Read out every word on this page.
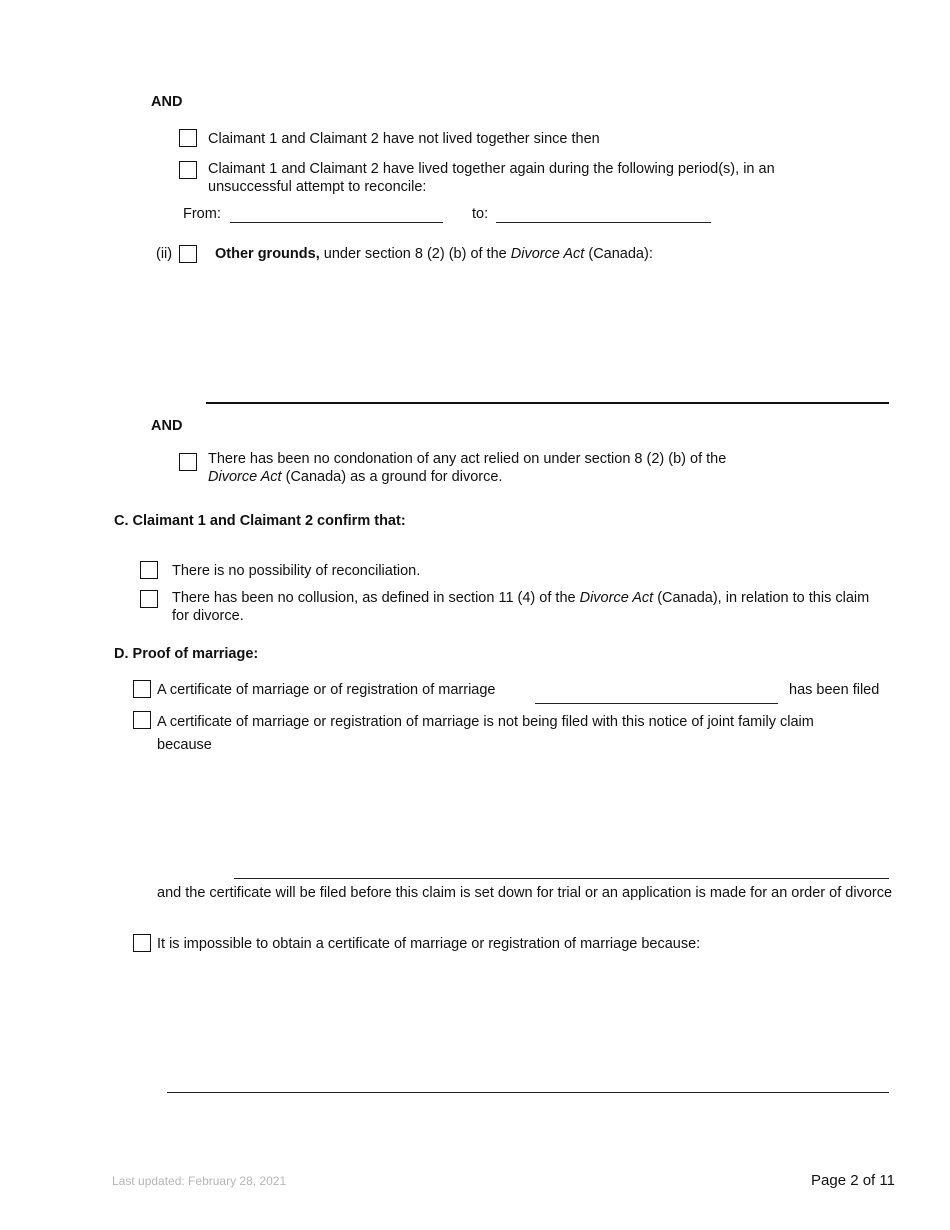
AND
Claimant 1 and Claimant 2 have not lived together since then
Claimant 1 and Claimant 2 have lived together again during the following period(s), in an unsuccessful attempt to reconcile:
From:	to:
(ii)	Other grounds, under section 8 (2) (b) of the Divorce Act (Canada):
AND
There has been no condonation of any act relied on under section 8 (2) (b) of the
Divorce Act (Canada) as a ground for divorce.
C. Claimant 1 and Claimant 2 confirm that:
There is no possibility of reconciliation.
There has been no collusion, as defined in section 11 (4) of the Divorce Act (Canada), in relation to this claim for divorce.
D. Proof of marriage:
A certificate of marriage or of registration of marriage	has been filed
A certificate of marriage or registration of marriage is not being filed with this notice of joint family claim because
and the certificate will be filed before this claim is set down for trial or an application is made for an order of divorce
It is impossible to obtain a certificate of marriage or registration of marriage because:
Last updated: February 28, 2021	Page 2 of 11
